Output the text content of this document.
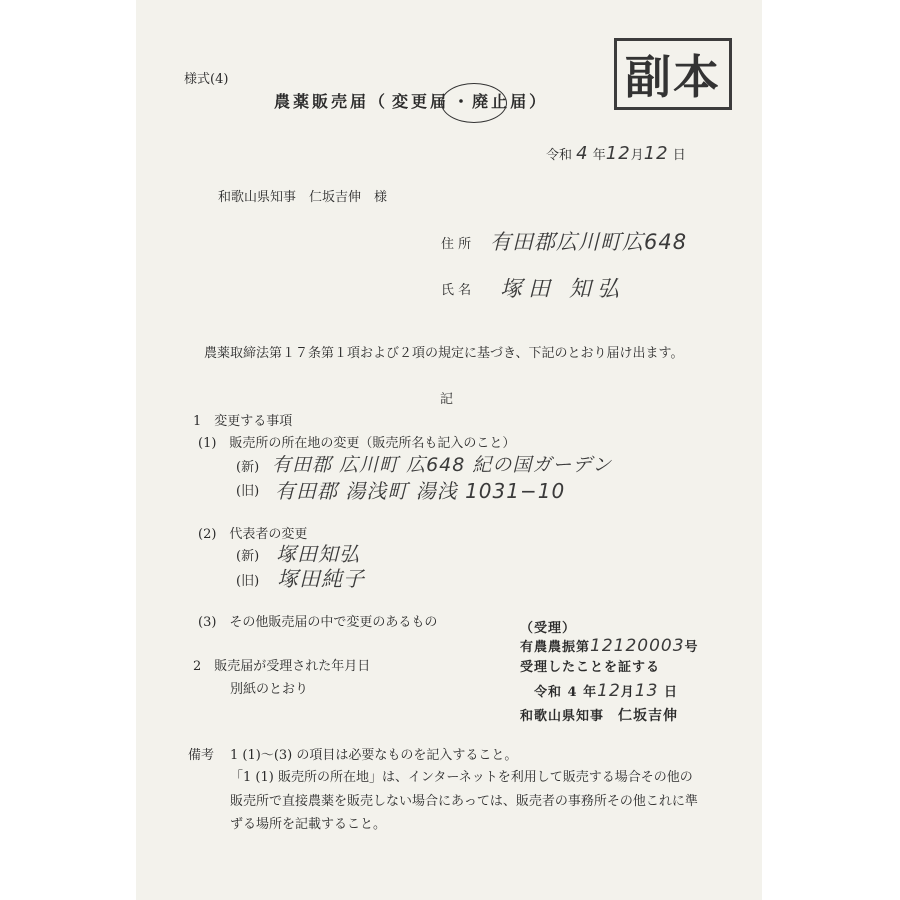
様式(4)
農薬販売届（ 変更届 ・廃止届） 副本
令和 4 年12月12 日
和歌山県知事　仁坂吉伸　様
住 所 有田郡広川町広648
氏 名 塚田 知弘
農薬取締法第１７条第１項および２項の規定に基づき、下記のとおり届け出ます。
記
1　変更する事項
(1)　販売所の所在地の変更（販売所名も記入のこと）
(新) 有田郡 広川町 広648 紀の国ガーデン
(旧) 有田郡 湯浅町 湯浅 1031−10
(2)　代表者の変更
(新) 塚田知弘
(旧) 塚田純子
(3)　その他販売届の中で変更のあるもの
2　販売届が受理された年月日
別紙のとおり
（受理）
有農農振第12120003号
受理したことを証する
令和 4 年12月13 日
和歌山県知事　 仁坂吉伸
備考 1 (1)～(3) の項目は必要なものを記入すること。
「1 (1) 販売所の所在地」は、インターネットを利用して販売する場合その他の
販売所で直接農薬を販売しない場合にあっては、販売者の事務所その他これに準
ずる場所を記載すること。
